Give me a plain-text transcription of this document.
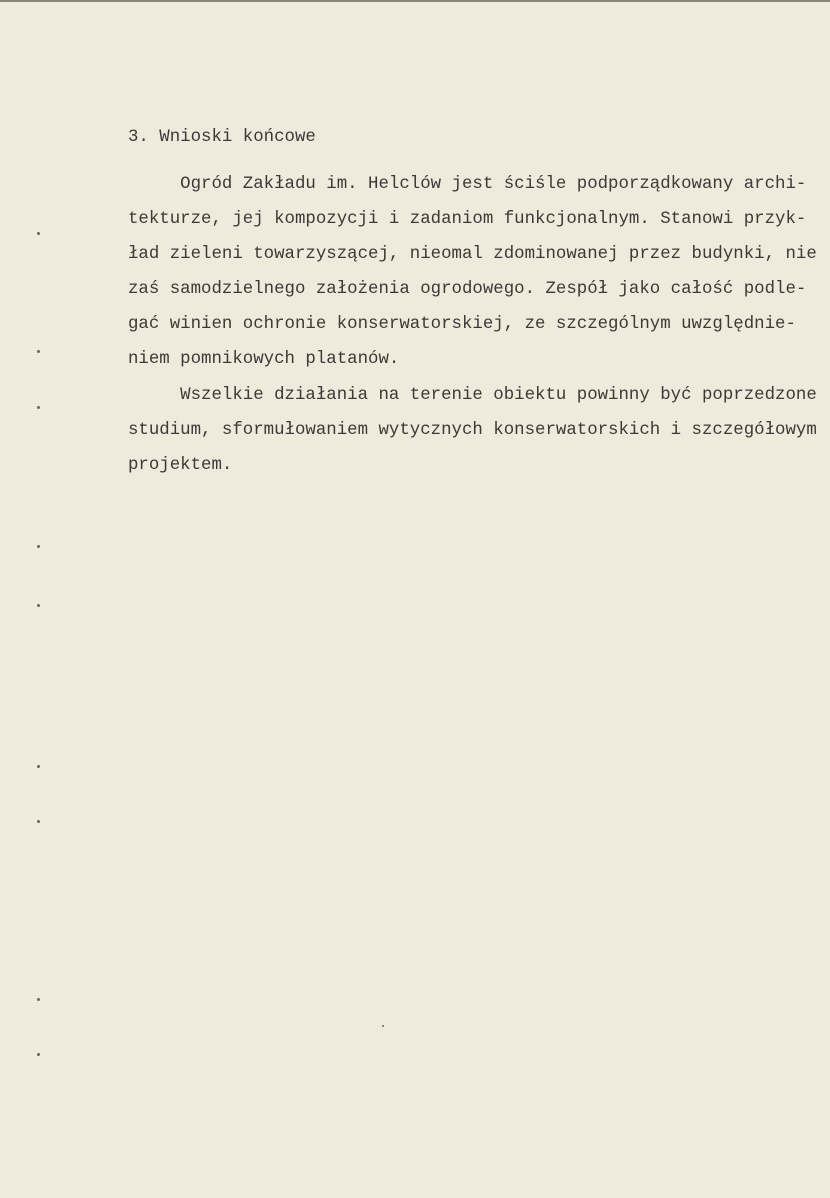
3. Wnioski końcowe
Ogród Zakładu im. Helclów jest ściśle podporządkowany archi-
tekturze, jej kompozycji i zadaniom funkcjonalnym. Stanowi przyk-
ład zieleni towarzyszącej, nieomal zdominowanej przez budynki, nie
zaś samodzielnego założenia ogrodowego. Zespół jako całość podle-
gać winien ochronie konserwatorskiej, ze szczególnym uwzględnie-
niem pomnikowych platanów.
Wszelkie działania na terenie obiektu powinny być poprzedzone
studium, sformułowaniem wytycznych konserwatorskich i szczegółowym
projektem.
